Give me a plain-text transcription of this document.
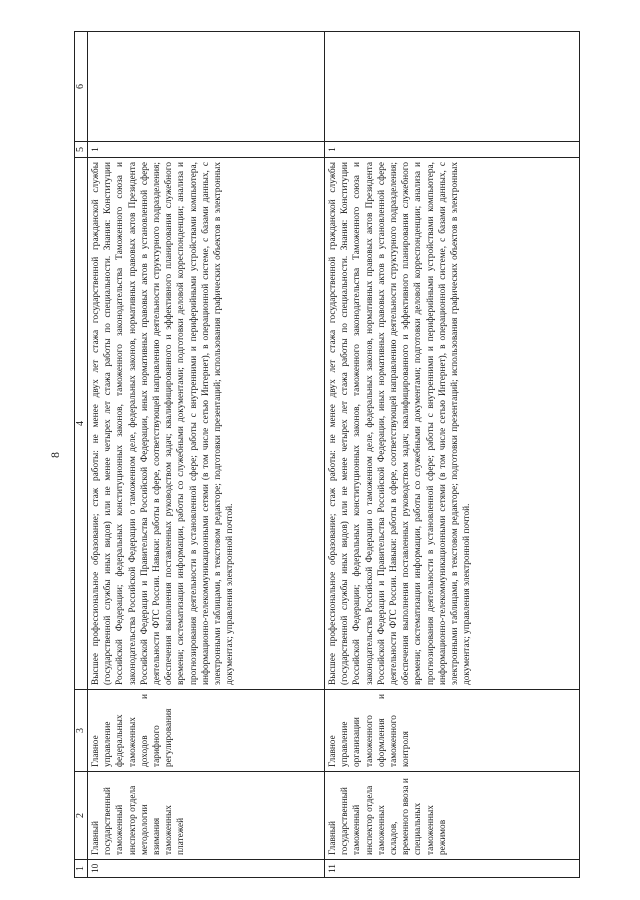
8
1	2	3	4	5	6
10	Главный государственный таможенный инспектор отдела методологии взимания таможенных платежей	Главное управление федеральных таможенных доходов и тарифного регулирования	Высшее профессиональное образование; стаж работы: не менее двух лет стажа государственной гражданской службы (государственной службы иных видов) или не менее четырех лет стажа работы по специальности. Знания: Конституции Российской Федерации; федеральных конституционных законов, таможенного законодательства Таможенного союза и законодательства Российской Федерации о таможенном деле, федеральных законов, нормативных правовых актов Президента Российской Федерации и Правительства Российской Федерации, иных нормативных правовых актов в установленной сфере деятельности ФТС России. Навыки: работы в сфере, соответствующей направлению деятельности структурного подразделения; обеспечения выполнения поставленных руководством задач; квалифицированного и эффективного планирования служебного времени; систематизации информации, работы со служебными документами; подготовки деловой корреспонденции; анализа и прогнозирования деятельности в установленной сфере; работы с внутренними и периферийными устройствами компьютера, информационно-телекоммуникационными сетями (в том числе сетью Интернет), в операционной системе, с базами данных, с электронными таблицами, в текстовом редакторе; подготовки презентаций; использования графических объектов в электронных документах; управления электронной почтой.	1	
11	Главный государственный таможенный инспектор отдела таможенных складов, временного ввоза и специальных таможенных режимов	Главное управление организации таможенного оформления и таможенного контроля	Высшее профессиональное образование; стаж работы: не менее двух лет стажа государственной гражданской службы (государственной службы иных видов) или не менее четырех лет стажа работы по специальности. Знания: Конституции Российской Федерации; федеральных конституционных законов, таможенного законодательства Таможенного союза и законодательства Российской Федерации о таможенном деле, федеральных законов, нормативных правовых актов Президента Российской Федерации и Правительства Российской Федерации, иных нормативных правовых актов в установленной сфере деятельности ФТС России. Навыки: работы в сфере, соответствующей направлению деятельности структурного подразделения; обеспечения выполнения поставленных руководством задач; квалифицированного и эффективного планирования служебного времени; систематизации информации, работы со служебными документами; подготовки деловой корреспонденции; анализа и прогнозирования деятельности в установленной сфере; работы с внутренними и периферийными устройствами компьютера, информационно-телекоммуникационными сетями (в том числе сетью Интернет), в операционной системе, с базами данных, с электронными таблицами, в текстовом редакторе; подготовки презентаций; использования графических объектов в электронных документах; управления электронной почтой.	1	
